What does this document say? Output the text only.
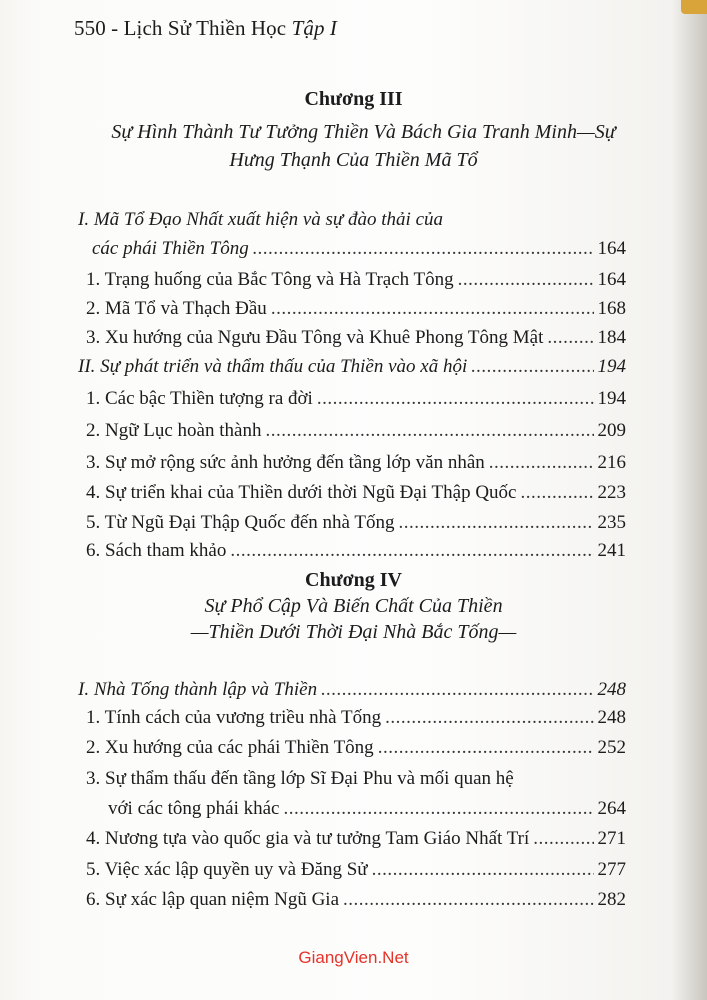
550 - Lịch Sử Thiền Học Tập I
Chương III
Sự Hình Thành Tư Tưởng Thiền Và Bách Gia Tranh Minh—Sự
Hưng Thạnh Của Thiền Mã Tổ
I. Mã Tổ Đạo Nhất xuất hiện và sự đào thải của
các phái Thiền Tông .....	164
1. Trạng huống của Bắc Tông và Hà Trạch Tông .....	164
2. Mã Tổ và Thạch Đầu .....	168
3. Xu hướng của Ngưu Đầu Tông và Khuê Phong Tông Mật .....	184
II. Sự phát triển và thẩm thấu của Thiền vào xã hội .....	194
1. Các bậc Thiền tượng ra đời .....	194
2. Ngữ Lục hoàn thành .....	209
3. Sự mở rộng sức ảnh hưởng đến tầng lớp văn nhân .....	216
4. Sự triển khai của Thiền dưới thời Ngũ Đại Thập Quốc .....	223
5. Từ Ngũ Đại Thập Quốc đến nhà Tống .....	235
6. Sách tham khảo .....	241
Chương IV
Sự Phổ Cập Và Biến Chất Của Thiền
—Thiền Dưới Thời Đại Nhà Bắc Tống—
I. Nhà Tống thành lập và Thiền .....	248
1. Tính cách của vương triều nhà Tống .....	248
2. Xu hướng của các phái Thiền Tông .....	252
3. Sự thẩm thấu đến tầng lớp Sĩ Đại Phu và mối quan hệ
với các tông phái khác .....	264
4. Nương tựa vào quốc gia và tư tưởng Tam Giáo Nhất Trí .....	271
5. Việc xác lập quyền uy và Đăng Sử .....	277
6. Sự xác lập quan niệm Ngũ Gia .....	282
GiangVien.Net
